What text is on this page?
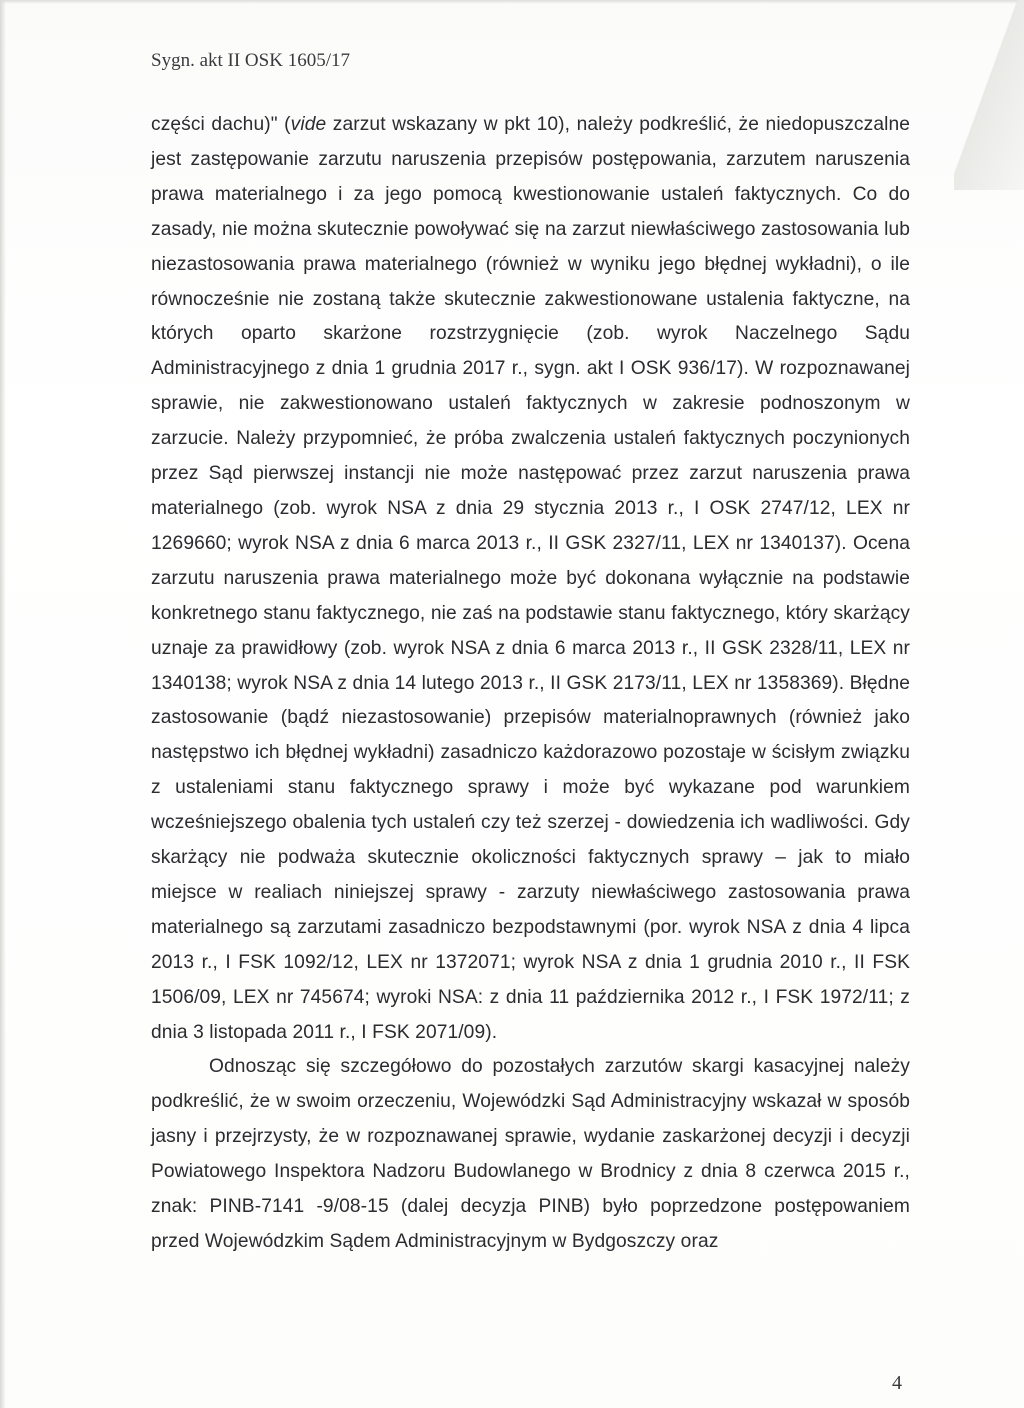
Sygn. akt II OSK 1605/17

części dachu)" (vide zarzut wskazany w pkt 10), należy podkreślić, że niedopuszczalne jest zastępowanie zarzutu naruszenia przepisów postępowania, zarzutem naruszenia prawa materialnego i za jego pomocą kwestionowanie ustaleń faktycznych. Co do zasady, nie można skutecznie powoływać się na zarzut niewłaściwego zastosowania lub niezastosowania prawa materialnego (również w wyniku jego błędnej wykładni), o ile równocześnie nie zostaną także skutecznie zakwestionowane ustalenia faktyczne, na których oparto skarżone rozstrzygnięcie (zob. wyrok Naczelnego Sądu Administracyjnego z dnia 1 grudnia 2017 r., sygn. akt I OSK 936/17). W rozpoznawanej sprawie, nie zakwestionowano ustaleń faktycznych w zakresie podnoszonym w zarzucie. Należy przypomnieć, że próba zwalczenia ustaleń faktycznych poczynionych przez Sąd pierwszej instancji nie może następować przez zarzut naruszenia prawa materialnego (zob. wyrok NSA z dnia 29 stycznia 2013 r., I OSK 2747/12, LEX nr 1269660; wyrok NSA z dnia 6 marca 2013 r., II GSK 2327/11, LEX nr 1340137). Ocena zarzutu naruszenia prawa materialnego może być dokonana wyłącznie na podstawie konkretnego stanu faktycznego, nie zaś na podstawie stanu faktycznego, który skarżący uznaje za prawidłowy (zob. wyrok NSA z dnia 6 marca 2013 r., II GSK 2328/11, LEX nr 1340138; wyrok NSA z dnia 14 lutego 2013 r., II GSK 2173/11, LEX nr 1358369). Błędne zastosowanie (bądź niezastosowanie) przepisów materialnoprawnych (również jako następstwo ich błędnej wykładni) zasadniczo każdorazowo pozostaje w ścisłym związku z ustaleniami stanu faktycznego sprawy i może być wykazane pod warunkiem wcześniejszego obalenia tych ustaleń czy też szerzej - dowiedzenia ich wadliwości. Gdy skarżący nie podważa skutecznie okoliczności faktycznych sprawy – jak to miało miejsce w realiach niniejszej sprawy - zarzuty niewłaściwego zastosowania prawa materialnego są zarzutami zasadniczo bezpodstawnymi (por. wyrok NSA z dnia 4 lipca 2013 r., I FSK 1092/12, LEX nr 1372071; wyrok NSA z dnia 1 grudnia 2010 r., II FSK 1506/09, LEX nr 745674; wyroki NSA: z dnia 11 października 2012 r., I FSK 1972/11; z dnia 3 listopada 2011 r., I FSK 2071/09).

Odnosząc się szczegółowo do pozostałych zarzutów skargi kasacyjnej należy podkreślić, że w swoim orzeczeniu, Wojewódzki Sąd Administracyjny wskazał w sposób jasny i przejrzysty, że w rozpoznawanej sprawie, wydanie zaskarżonej decyzji i decyzji Powiatowego Inspektora Nadzoru Budowlanego w Brodnicy z dnia 8 czerwca 2015 r., znak: PINB-7141 -9/08-15 (dalej decyzja PINB) było poprzedzone postępowaniem przed Wojewódzkim Sądem Administracyjnym w Bydgoszczy oraz

4
